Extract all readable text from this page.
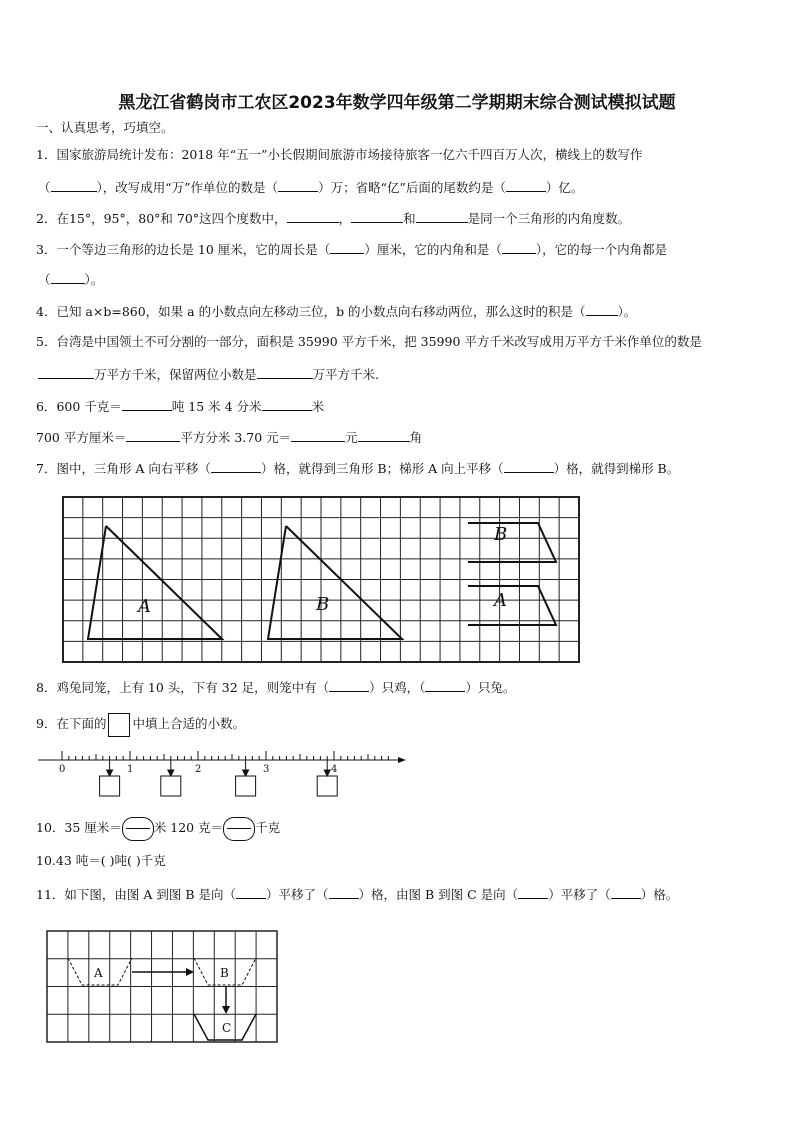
黑龙江省鹤岗市工农区2023年数学四年级第二学期期末综合测试模拟试题
一、认真思考，巧填空。
1．国家旅游局统计发布：2018 年“五一”小长假期间旅游市场接待旅客一亿六千四百万人次，横线上的数写作
（	），改写成用“万”作单位的数是（	）万；省略“亿”后面的尾数约是（	）亿。
2．在15°，95°，80°和 70°这四个度数中，	，	和	是同一个三角形的内角度数。
3．一个等边三角形的边长是 10 厘米，它的周长是（	）厘米，它的内角和是（	），它的每一个内角都是
（	）。
4．已知 a×b=860，如果 a 的小数点向左移动三位，b 的小数点向右移动两位，那么这时的积是（	）。
5．台湾是中国领土不可分割的一部分，面积是 35990 平方千米，把 35990 平方千米改写成用万平方千米作单位的数是
万平方千米，保留两位小数是	万平方千米.
6．600 千克＝	吨 15 米 4 分米	米
700 平方厘米＝	平方分米 3.70 元＝	元	角
7．图中，三角形 A 向右平移（	）格，就得到三角形 B；梯形 A 向上平移（	）格，就得到梯形 B。
A	B
B
A
8．鸡兔同笼，上有 10 头，下有 32 足，则笼中有（	）只鸡，（	）只兔。
9．在下面的 中填上合适的小数。
0	1	2	3	4
10．35 厘米＝	米 120 克＝	千克
10.43 吨＝( )吨( )千克
11．如下图，由图 A 到图 B 是向（ ）平移了（ ）格，由图 B 到图 C 是向（ ）平移了（ ）格。
A	B
C
